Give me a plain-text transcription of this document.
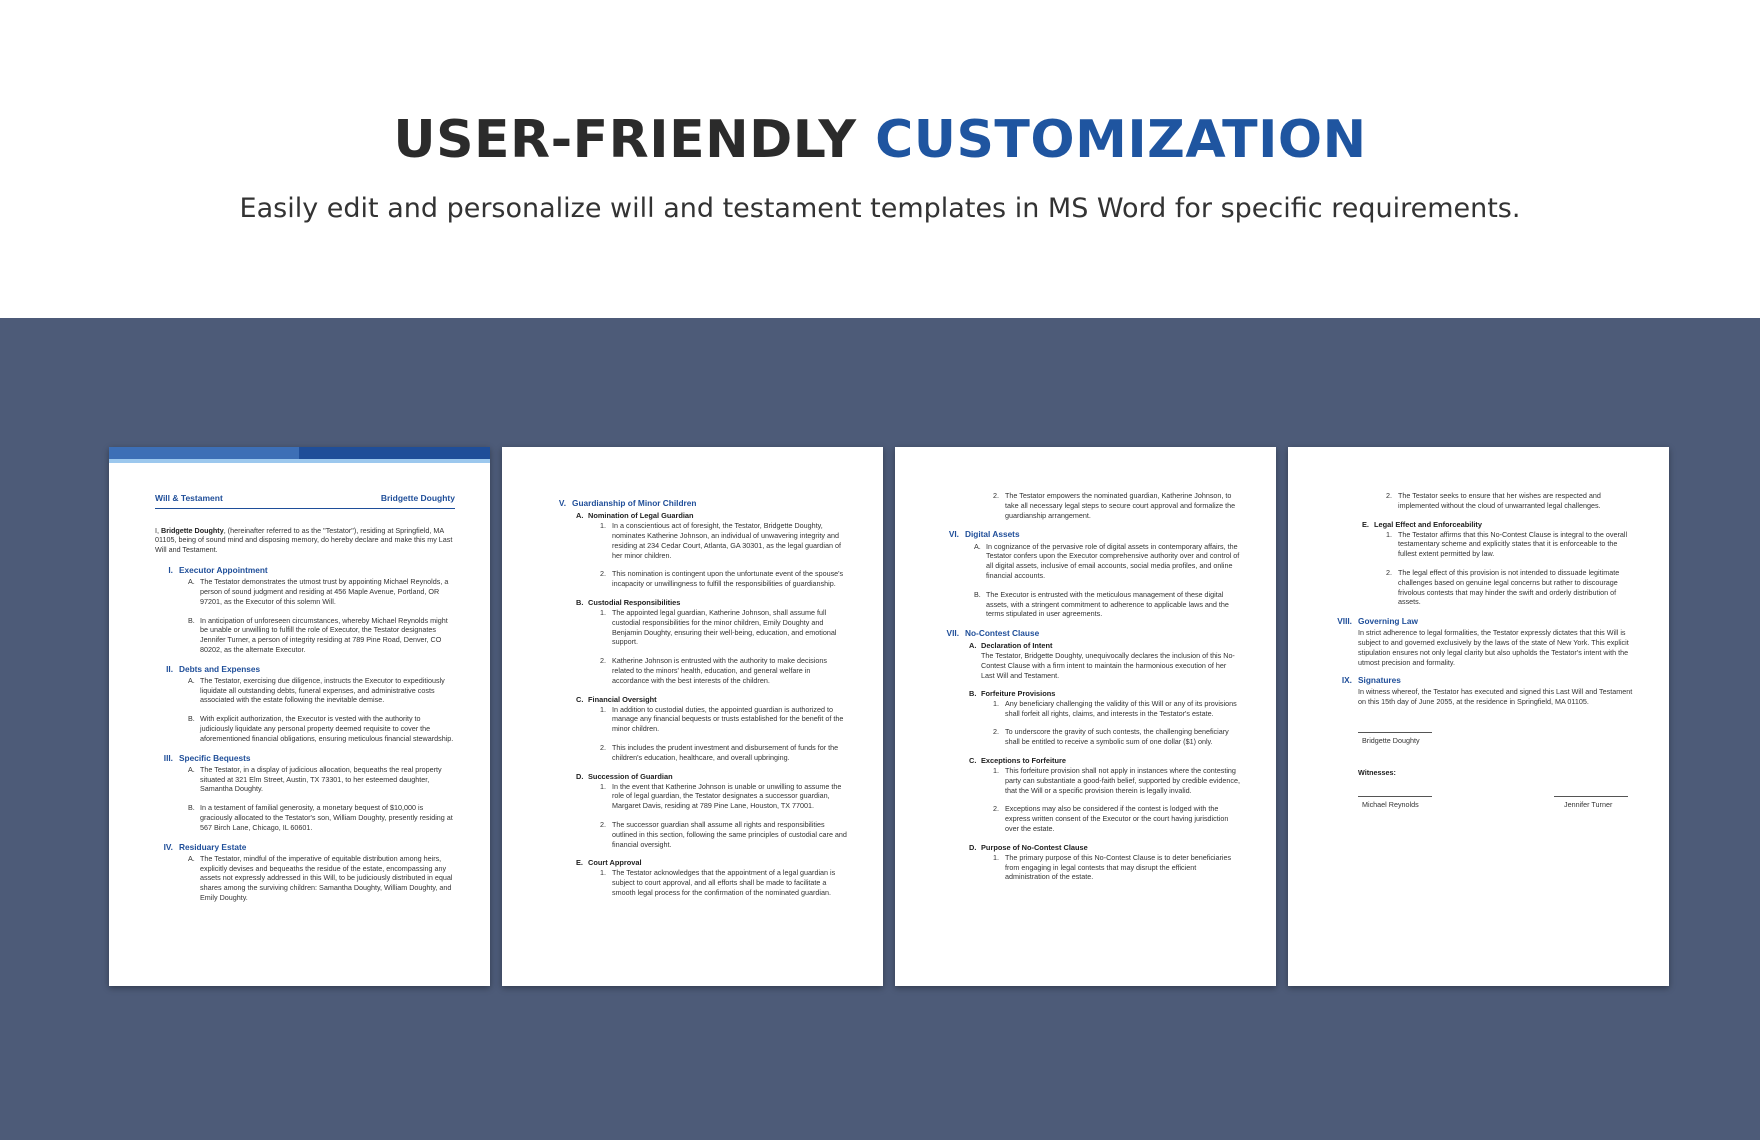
USER-FRIENDLY CUSTOMIZATION
Easily edit and personalize will and testament templates in MS Word for specific requirements.
Will & Testament	Bridgette Doughty
I, Bridgette Doughty, (hereinafter referred to as the "Testator"), residing at Springfield, MA 01105, being of sound mind and disposing memory, do hereby declare and make this my Last Will and Testament.
I. Executor Appointment
A. The Testator demonstrates the utmost trust by appointing Michael Reynolds, a person of sound judgment and residing at 456 Maple Avenue, Portland, OR 97201, as the Executor of this solemn Will.
B. In anticipation of unforeseen circumstances, whereby Michael Reynolds might be unable or unwilling to fulfill the role of Executor, the Testator designates Jennifer Turner, a person of integrity residing at 789 Pine Road, Denver, CO 80202, as the alternate Executor.
II. Debts and Expenses
A. The Testator, exercising due diligence, instructs the Executor to expeditiously liquidate all outstanding debts, funeral expenses, and administrative costs associated with the estate following the inevitable demise.
B. With explicit authorization, the Executor is vested with the authority to judiciously liquidate any personal property deemed requisite to cover the aforementioned financial obligations, ensuring meticulous financial stewardship.
III. Specific Bequests
A. The Testator, in a display of judicious allocation, bequeaths the real property situated at 321 Elm Street, Austin, TX 73301, to her esteemed daughter, Samantha Doughty.
B. In a testament of familial generosity, a monetary bequest of $10,000 is graciously allocated to the Testator's son, William Doughty, presently residing at 567 Birch Lane, Chicago, IL 60601.
IV. Residuary Estate
A. The Testator, mindful of the imperative of equitable distribution among heirs, explicitly devises and bequeaths the residue of the estate, encompassing any assets not expressly addressed in this Will, to be judiciously distributed in equal shares among the surviving children: Samantha Doughty, William Doughty, and Emily Doughty.
V. Guardianship of Minor Children
A. Nomination of Legal Guardian
1. In a conscientious act of foresight, the Testator, Bridgette Doughty, nominates Katherine Johnson, an individual of unwavering integrity and residing at 234 Cedar Court, Atlanta, GA 30301, as the legal guardian of her minor children.
2. This nomination is contingent upon the unfortunate event of the spouse's incapacity or unwillingness to fulfill the responsibilities of guardianship.
B. Custodial Responsibilities
1. The appointed legal guardian, Katherine Johnson, shall assume full custodial responsibilities for the minor children, Emily Doughty and Benjamin Doughty, ensuring their well-being, education, and emotional support.
2. Katherine Johnson is entrusted with the authority to make decisions related to the minors' health, education, and general welfare in accordance with the best interests of the children.
C. Financial Oversight
1. In addition to custodial duties, the appointed guardian is authorized to manage any financial bequests or trusts established for the benefit of the minor children.
2. This includes the prudent investment and disbursement of funds for the children's education, healthcare, and overall upbringing.
D. Succession of Guardian
1. In the event that Katherine Johnson is unable or unwilling to assume the role of legal guardian, the Testator designates a successor guardian, Margaret Davis, residing at 789 Pine Lane, Houston, TX 77001.
2. The successor guardian shall assume all rights and responsibilities outlined in this section, following the same principles of custodial care and financial oversight.
E. Court Approval
1. The Testator acknowledges that the appointment of a legal guardian is subject to court approval, and all efforts shall be made to facilitate a smooth legal process for the confirmation of the nominated guardian.
2. The Testator empowers the nominated guardian, Katherine Johnson, to take all necessary legal steps to secure court approval and formalize the guardianship arrangement.
VI. Digital Assets
A. In cognizance of the pervasive role of digital assets in contemporary affairs, the Testator confers upon the Executor comprehensive authority over and control of all digital assets, inclusive of email accounts, social media profiles, and online financial accounts.
B. The Executor is entrusted with the meticulous management of these digital assets, with a stringent commitment to adherence to applicable laws and the terms stipulated in user agreements.
VII. No-Contest Clause
A. Declaration of Intent
The Testator, Bridgette Doughty, unequivocally declares the inclusion of this No-Contest Clause with a firm intent to maintain the harmonious execution of her Last Will and Testament.
B. Forfeiture Provisions
1. Any beneficiary challenging the validity of this Will or any of its provisions shall forfeit all rights, claims, and interests in the Testator's estate.
2. To underscore the gravity of such contests, the challenging beneficiary shall be entitled to receive a symbolic sum of one dollar ($1) only.
C. Exceptions to Forfeiture
1. This forfeiture provision shall not apply in instances where the contesting party can substantiate a good-faith belief, supported by credible evidence, that the Will or a specific provision therein is legally invalid.
2. Exceptions may also be considered if the contest is lodged with the express written consent of the Executor or the court having jurisdiction over the estate.
D. Purpose of No-Contest Clause
1. The primary purpose of this No-Contest Clause is to deter beneficiaries from engaging in legal contests that may disrupt the efficient administration of the estate.
2. The Testator seeks to ensure that her wishes are respected and implemented without the cloud of unwarranted legal challenges.
E. Legal Effect and Enforceability
1. The Testator affirms that this No-Contest Clause is integral to the overall testamentary scheme and explicitly states that it is enforceable to the fullest extent permitted by law.
2. The legal effect of this provision is not intended to dissuade legitimate challenges based on genuine legal concerns but rather to discourage frivolous contests that may hinder the swift and orderly distribution of assets.
VIII. Governing Law
In strict adherence to legal formalities, the Testator expressly dictates that this Will is subject to and governed exclusively by the laws of the state of New York. This explicit stipulation ensures not only legal clarity but also upholds the Testator's intent with the utmost precision and formality.
IX. Signatures
In witness whereof, the Testator has executed and signed this Last Will and Testament on this 15th day of June 2055, at the residence in Springfield, MA 01105.
Bridgette Doughty
Witnesses:
Michael Reynolds	Jennifer Turner
